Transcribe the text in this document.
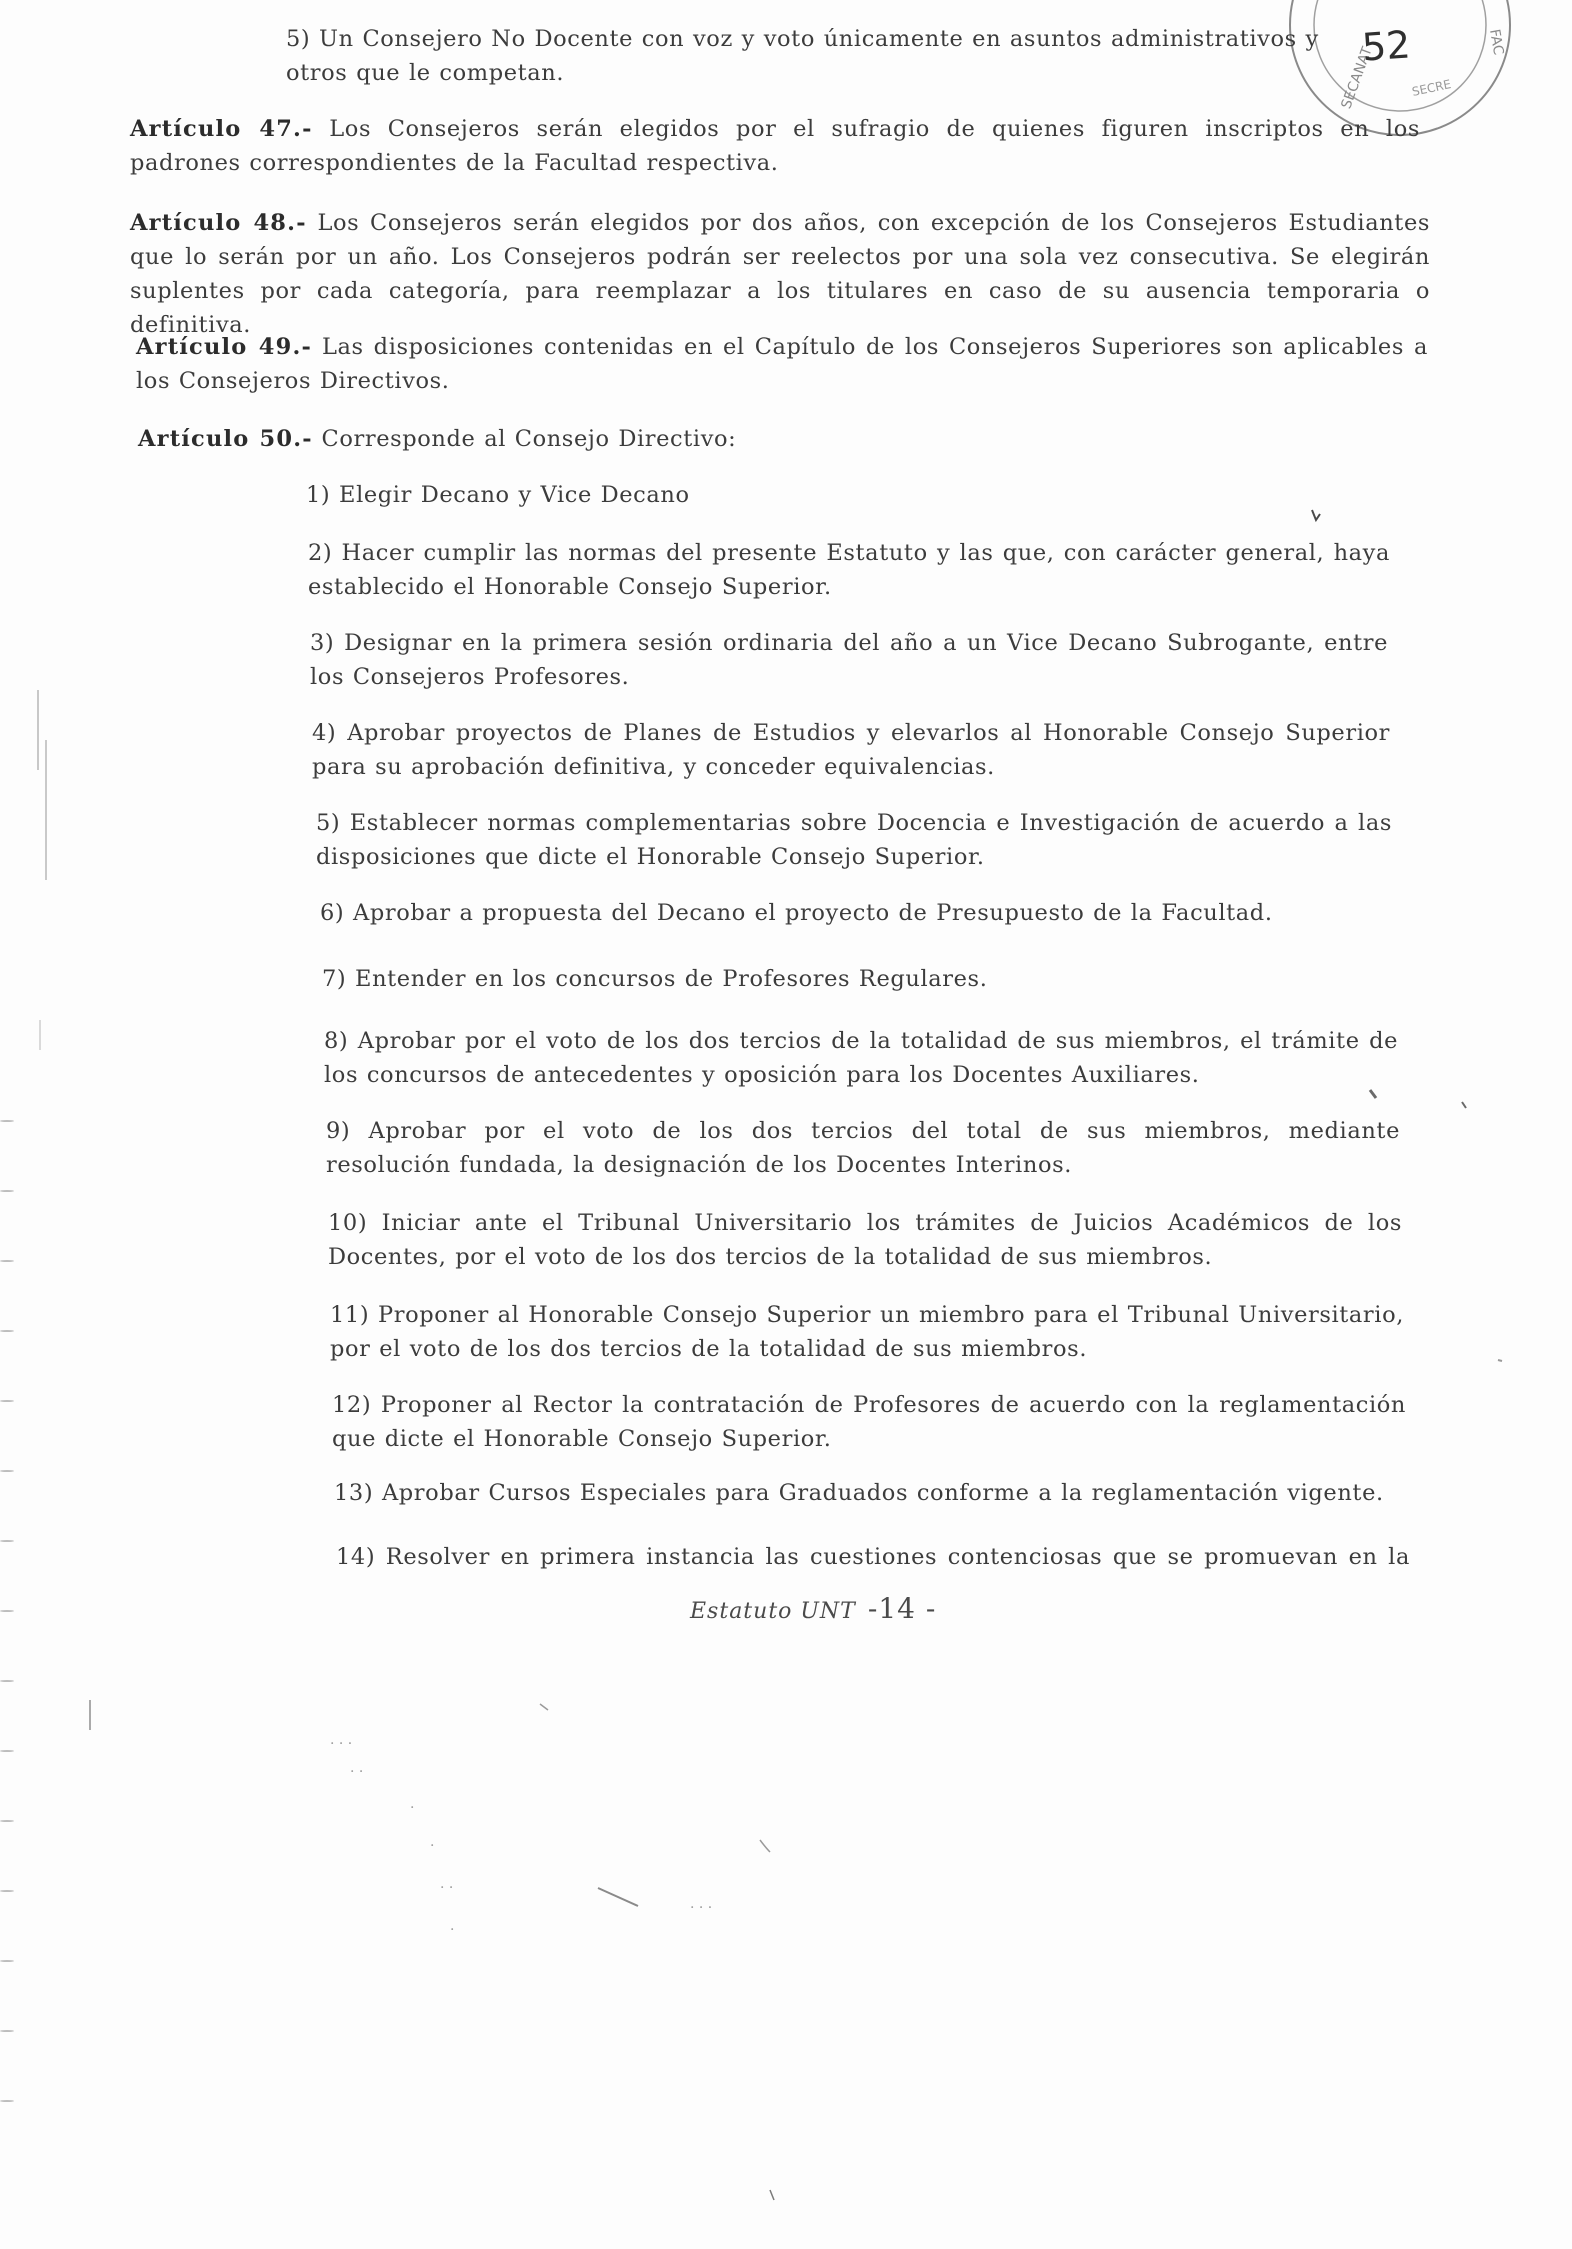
SECANAT
FAC
SECRE
52
5) Un Consejero No Docente con voz y voto únicamente en asuntos administrativos y otros que le competan.
Artículo 47.- Los Consejeros serán elegidos por el sufragio de quienes figuren inscriptos en los padrones correspondientes de la Facultad respectiva.
Artículo 48.- Los Consejeros serán elegidos por dos años, con excepción de los Consejeros Estudiantes que lo serán por un año. Los Consejeros podrán ser reelectos por una sola vez consecutiva. Se elegirán suplentes por cada categoría, para reemplazar a los titulares en caso de su ausencia temporaria o definitiva.
Artículo 49.- Las disposiciones contenidas en el Capítulo de los Consejeros Superiores son aplicables a los Consejeros Directivos.
Artículo 50.- Corresponde al Consejo Directivo:
1) Elegir Decano y Vice Decano
2) Hacer cumplir las normas del presente Estatuto y las que, con carácter general, haya establecido el Honorable Consejo Superior.
3) Designar en la primera sesión ordinaria del año a un Vice Decano Subrogante, entre los Consejeros Profesores.
4) Aprobar proyectos de Planes de Estudios y elevarlos al Honorable Consejo Superior para su aprobación definitiva, y conceder equivalencias.
5) Establecer normas complementarias sobre Docencia e Investigación de acuerdo a las disposiciones que dicte el Honorable Consejo Superior.
6) Aprobar a propuesta del Decano el proyecto de Presupuesto de la Facultad.
7) Entender en los concursos de Profesores Regulares.
8) Aprobar por el voto de los dos tercios de la totalidad de sus miembros, el trámite de los concursos de antecedentes y oposición para los Docentes Auxiliares.
9) Aprobar por el voto de los dos tercios del total de sus miembros, mediante resolución fundada, la designación de los Docentes Interinos.
10) Iniciar ante el Tribunal Universitario los trámites de Juicios Académicos de los Docentes, por el voto de los dos tercios de la totalidad de sus miembros.
11) Proponer al Honorable Consejo Superior un miembro para el Tribunal Universitario, por el voto de los dos tercios de la totalidad de sus miembros.
12) Proponer al Rector la contratación de Profesores de acuerdo con la reglamentación que dicte el Honorable Consejo Superior.
13) Aprobar Cursos Especiales para Graduados conforme a la reglamentación vigente.
14) Resolver en primera instancia las cuestiones contenciosas que se promuevan en la
Estatuto UNT -14 -
· · ·
· ·
·
·
· ·
·
· · ·
